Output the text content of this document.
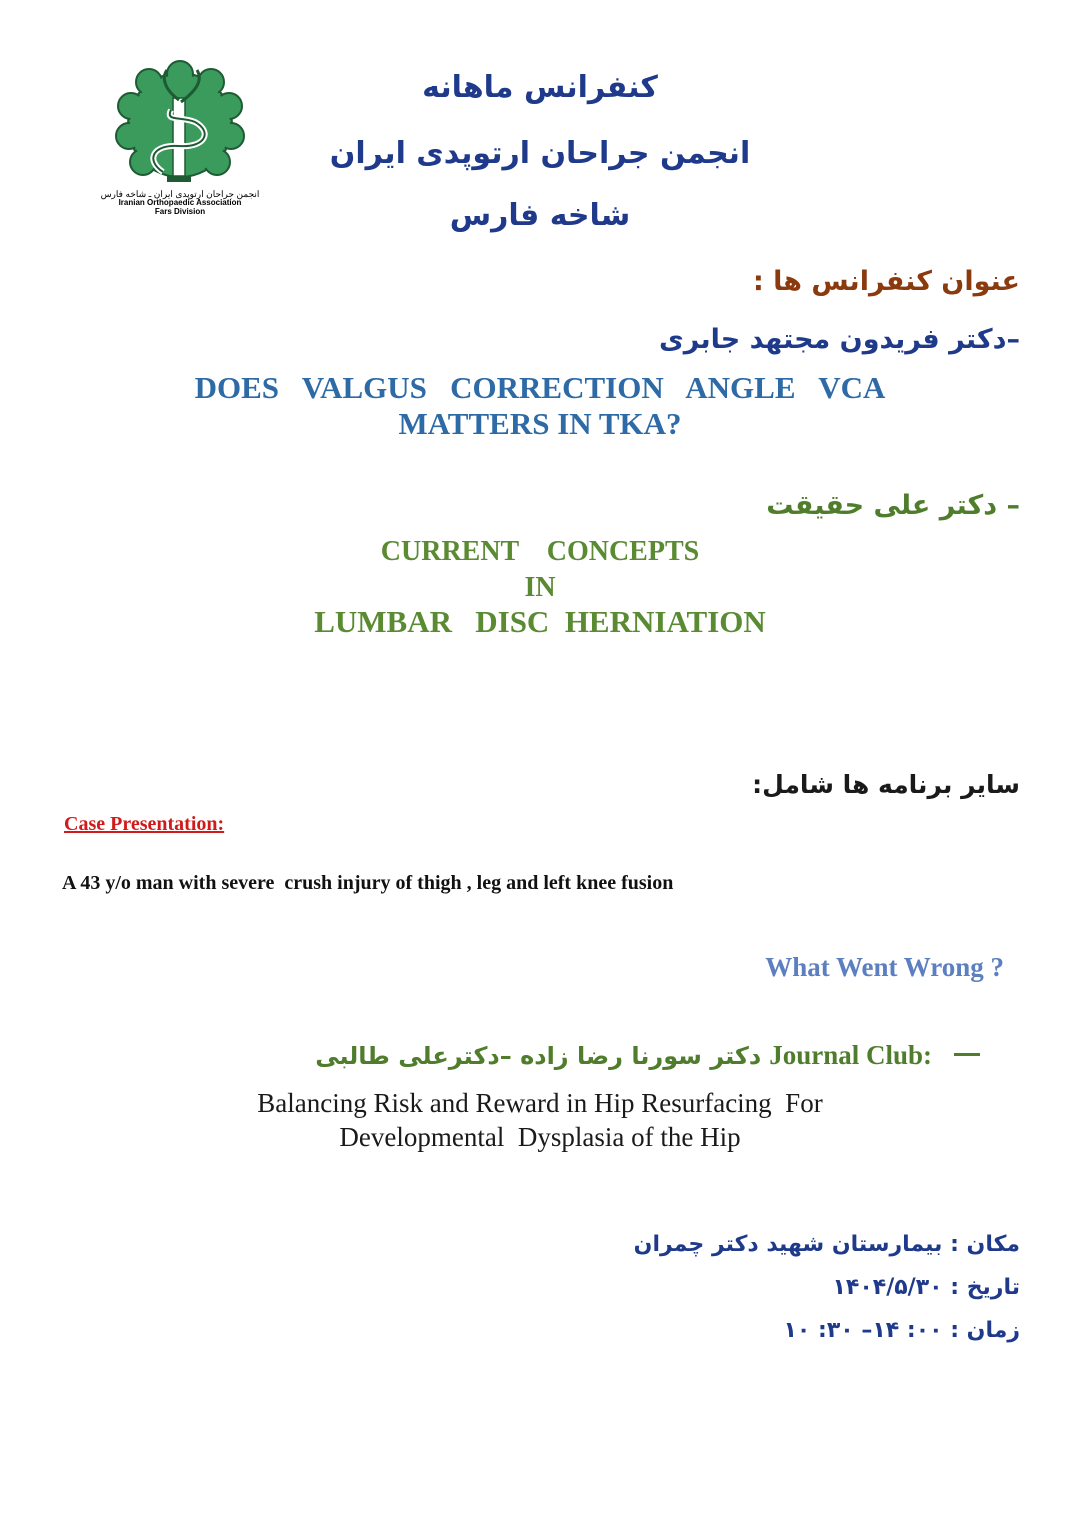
انجمن جراحان ارتوپدی ایران ـ شاخه فارس
Iranian Orthopaedic Association
Fars Division
کنفرانس ماهانه
انجمن جراحان ارتوپدی ایران
شاخه فارس
عنوان کنفرانس ها :
–دکتر فریدون مجتهد جابری
DOES   VALGUS   CORRECTION   ANGLE   VCA
MATTERS IN TKA?
– دکتر علی حقیقت
CURRENT    CONCEPTS
IN
LUMBAR   DISC  HERNIATION
سایر برنامه ها شامل:
Case Presentation:
A 43 y/o man with severe  crush injury of thigh , leg and left knee fusion
What Went Wrong ?
دکتر سورنا رضا زاده –دکترعلی طالبی Journal Club:
Balancing Risk and Reward in Hip Resurfacing  For
Developmental  Dysplasia of the Hip
مکان : بیمارستان شهید دکتر چمران
تاریخ : ۱۴۰۴/۵/۳۰
زمان : ۰۰: ۱۴– ۳۰: ۱۰
